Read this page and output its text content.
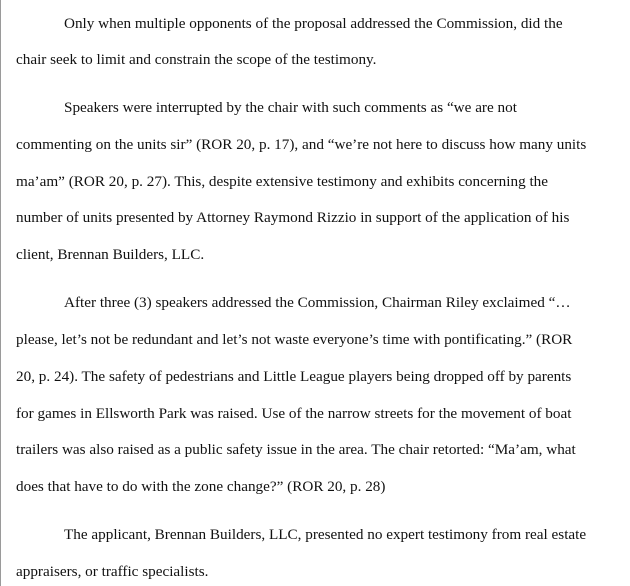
Only when multiple opponents of the proposal addressed the Commission, did the
chair seek to limit and constrain the scope of the testimony.
Speakers were interrupted by the chair with such comments as “we are not
commenting on the units sir” (ROR 20, p. 17), and “we’re not here to discuss how many units
ma’am” (ROR 20, p. 27). This, despite extensive testimony and exhibits concerning the
number of units presented by Attorney Raymond Rizzio in support of the application of his
client, Brennan Builders, LLC.
After three (3) speakers addressed the Commission, Chairman Riley exclaimed “…
please, let’s not be redundant and let’s not waste everyone’s time with pontificating.” (ROR
20, p. 24). The safety of pedestrians and Little League players being dropped off by parents
for games in Ellsworth Park was raised. Use of the narrow streets for the movement of boat
trailers was also raised as a public safety issue in the area. The chair retorted: “Ma’am, what
does that have to do with the zone change?” (ROR 20, p. 28)
The applicant, Brennan Builders, LLC, presented no expert testimony from real estate
appraisers, or traffic specialists.
